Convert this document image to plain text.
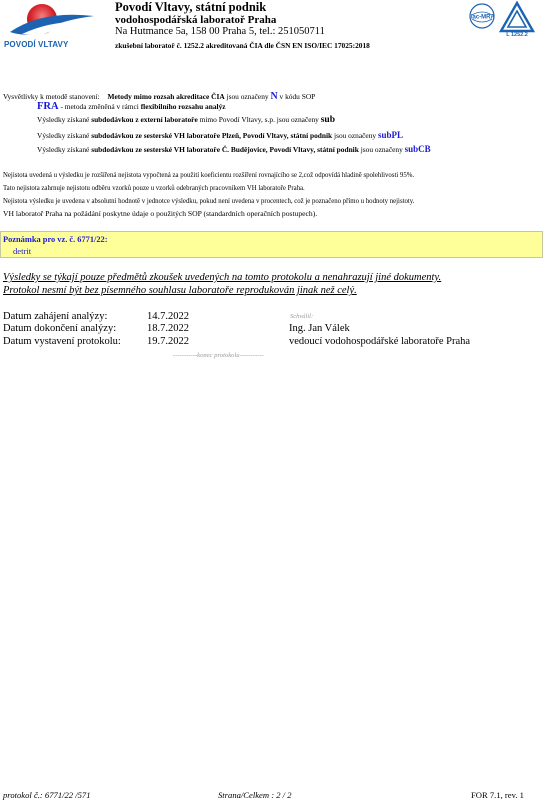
POVODÍ VLTAVY
Povodí Vltavy, státní podnik
vodohospodářská laboratoř Praha
Na Hutmance 5a, 158 00 Praha 5, tel.: 251050711
zkušební laboratoř č. 1252.2 akreditovaná ČIA dle ČSN EN ISO/IEC 17025:2018
ilac-MRA
L 1252.2
Vysvětlivky k metodě stanovení: Metody mimo rozsah akreditace ČIA jsou označeny N v kódu SOP
FRA - metoda změněná v rámci flexibilního rozsahu analýz
Výsledky získané subdodávkou z externí laboratoře mimo Povodí Vltavy, s.p. jsou označeny sub
Výsledky získané subdodávkou ze sesterské VH laboratoře Plzeň, Povodí Vltavy, státní podnik jsou označeny subPL
Výsledky získané subdodávkou ze sesterské VH laboratoře Č. Budějovice, Povodí Vltavy, státní podnik jsou označeny subCB
Nejistota uvedená u výsledku je rozšířená nejistota vypočtená za použití koeficientu rozšíření rovnajícího se 2,což odpovídá hladině spolehlivosti 95%.
Tato nejistota zahrnuje nejistotu odběru vzorků pouze u vzorků odebraných pracovníkem VH laboratoře Praha.
Nejistota výsledku je uvedena v absolutní hodnotě v jednotce výsledku, pokud není uvedena v procentech, což je poznačeno přímo u hodnoty nejistoty.
VH laboratoř Praha na požádání poskytne údaje o použitých SOP (standardních operačních postupech).
Poznámka pro vz. č. 6771/22:
detrit
Výsledky se týkají pouze předmětů zkoušek uvedených na tomto protokolu a nenahrazují jiné dokumenty.
Protokol nesmí být bez písemného souhlasu laboratoře reprodukován jinak než celý.
Datum zahájení analýzy:	14.7.2022
Datum dokončení analýzy:	18.7.2022
Datum vystavení protokolu: 19.7.2022
Schválil:
Ing. Jan Válek
vedoucí vodohospodářské laboratoře Praha
-----------konec protokolu-----------
protokol č.: 6771/22 /571	Strana/Celkem : 2 / 2	FOR 7.1, rev. 1
